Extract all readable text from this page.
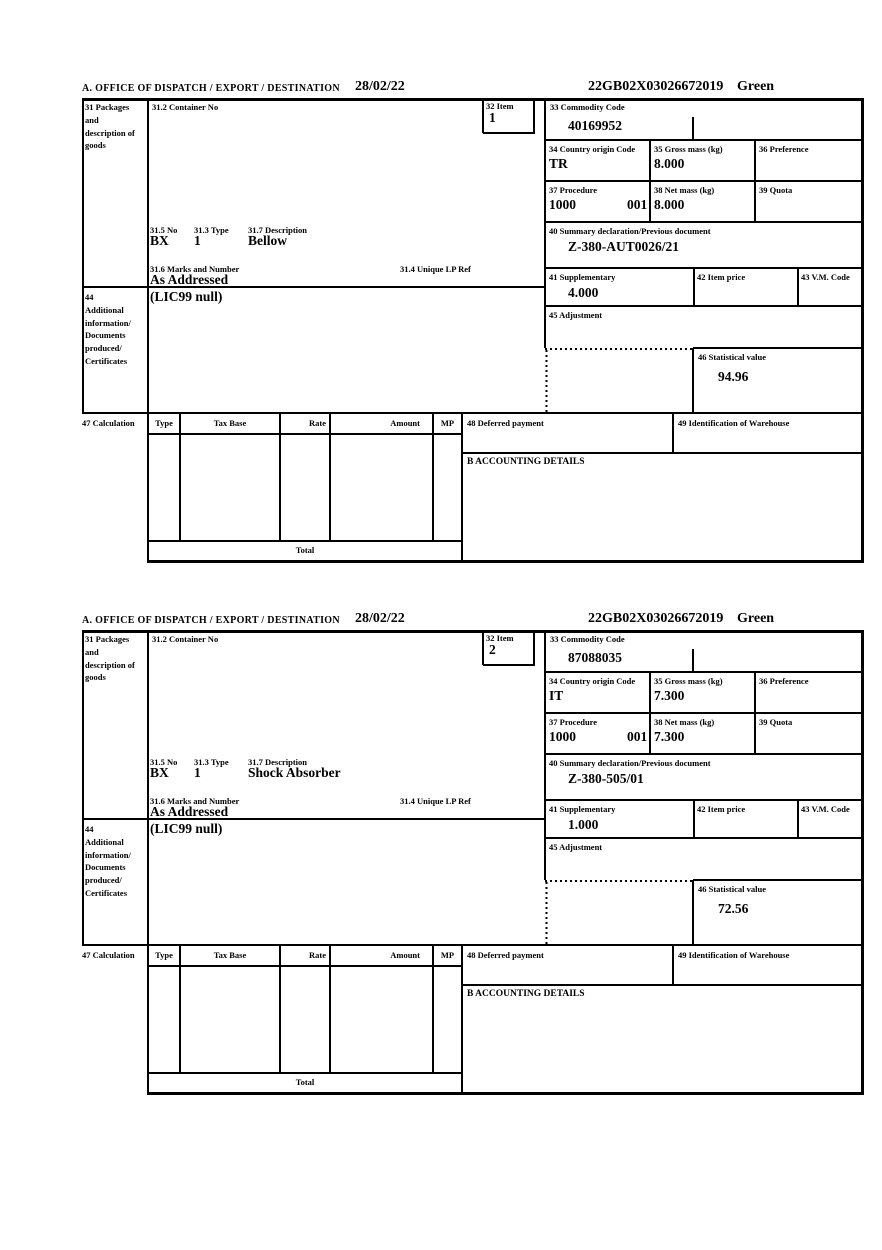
A. OFFICE OF DISPATCH / EXPORT / DESTINATION 28/02/22	22GB02X03026672019 Green
31 Packages and description of goods
31.2 Container No	32 Item
1
33 Commodity Code
40169952
34 Country origin Code
TR
35 Gross mass (kg)
8.000
36 Preference
37 Procedure
1000	001
38 Net mass (kg)
8.000
39 Quota
40 Summary declaration/Previous document
Z-380-AUT0026/21
41 Supplementary
4.000
42 Item price	43 V.M. Code
45 Adjustment
46 Statistical value
94.96
31.5 No 31.3 Type 31.7 Description
BX 1	Bellow
31.6 Marks and Number	31.4 Unique LP Ref
As Addressed
44 Additional information/ Documents produced/ Certificates
(LIC99 null)
47 Calculation	Type	Tax Base	Rate	Amount	MP
Total
48 Deferred payment	49 Identification of Warehouse
B ACCOUNTING DETAILS
A. OFFICE OF DISPATCH / EXPORT / DESTINATION 28/02/22	22GB02X03026672019 Green
31 Packages and description of goods
31.2 Container No	32 Item
2
33 Commodity Code
87088035
34 Country origin Code
IT
35 Gross mass (kg)
7.300
36 Preference
37 Procedure
1000	001
38 Net mass (kg)
7.300
39 Quota
40 Summary declaration/Previous document
Z-380-505/01
41 Supplementary
1.000
42 Item price	43 V.M. Code
45 Adjustment
46 Statistical value
72.56
31.5 No 31.3 Type 31.7 Description
BX 1	Shock Absorber
31.6 Marks and Number	31.4 Unique LP Ref
As Addressed
44 Additional information/ Documents produced/ Certificates
(LIC99 null)
47 Calculation	Type	Tax Base	Rate	Amount	MP
Total
48 Deferred payment	49 Identification of Warehouse
B ACCOUNTING DETAILS
